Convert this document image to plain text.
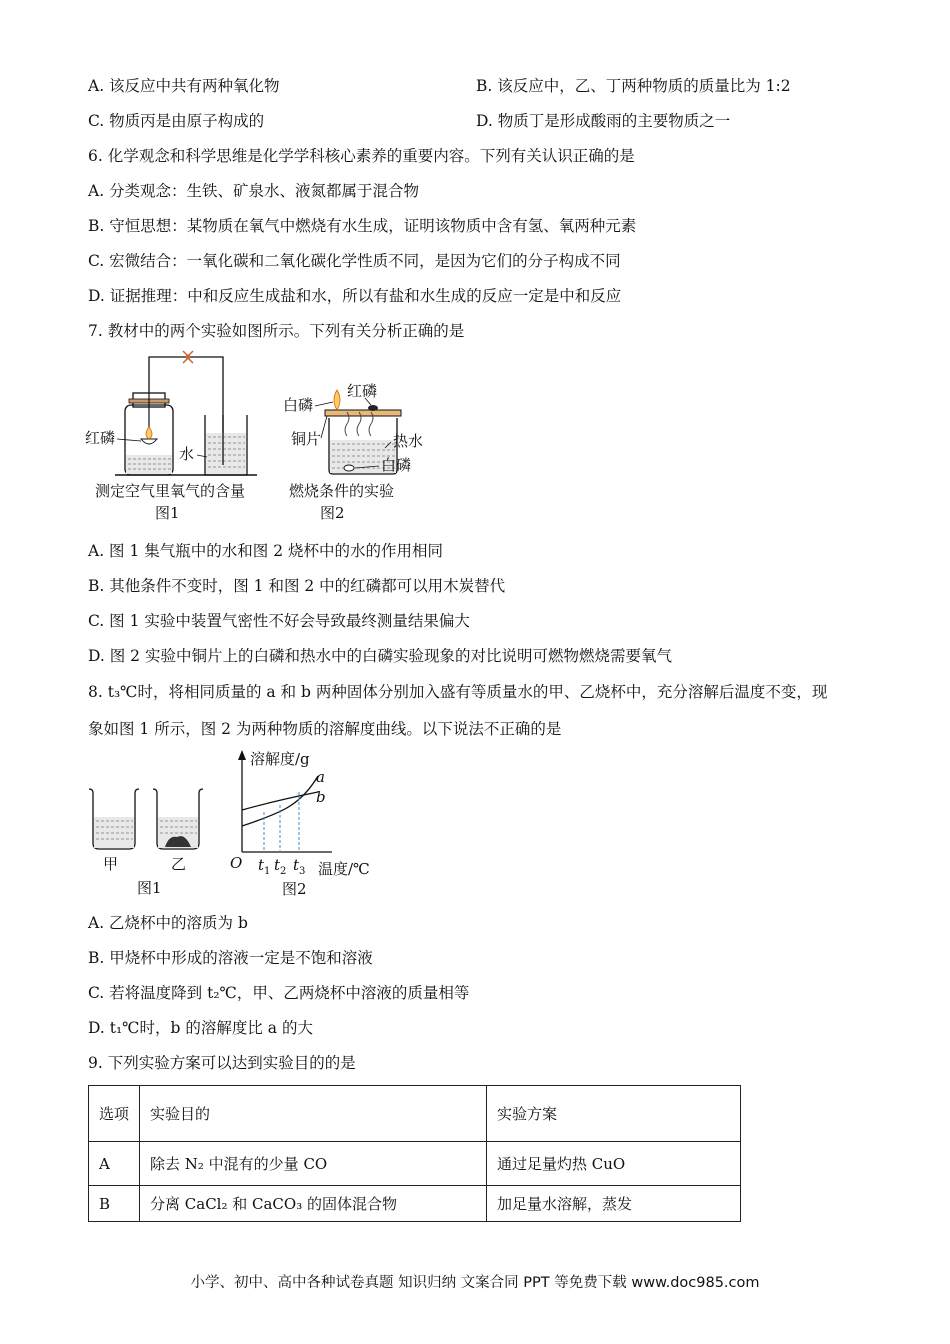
A. 该反应中共有两种氧化物	B. 该反应中，乙、丁两种物质的质量比为 1:2
C. 物质丙是由原子构成的	D. 物质丁是形成酸雨的主要物质之一
6. 化学观念和科学思维是化学学科核心素养的重要内容。下列有关认识正确的是
A. 分类观念：生铁、矿泉水、液氮都属于混合物
B. 守恒思想：某物质在氧气中燃烧有水生成，证明该物质中含有氢、氧两种元素
C. 宏微结合：一氧化碳和二氧化碳化学性质不同，是因为它们的分子构成不同
D. 证据推理：中和反应生成盐和水，所以有盐和水生成的反应一定是中和反应
7. 教材中的两个实验如图所示。下列有关分析正确的是
红磷
水
测定空气里氧气的含量
图1
红磷
白磷
铜片	热水
白磷
燃烧条件的实验
图2
A. 图 1 集气瓶中的水和图 2 烧杯中的水的作用相同
B. 其他条件不变时，图 1 和图 2 中的红磷都可以用木炭替代
C. 图 1 实验中装置气密性不好会导致最终测量结果偏大
D. 图 2 实验中铜片上的白磷和热水中的白磷实验现象的对比说明可燃物燃烧需要氧气
8. t₃℃时，将相同质量的 a 和 b 两种固体分别加入盛有等质量水的甲、乙烧杯中，充分溶解后温度不变，现
象如图 1 所示，图 2 为两种物质的溶解度曲线。以下说法不正确的是
甲	乙
图1
溶解度/g
a
b
O t 1 t 2 t 3 温度/℃
图2
A. 乙烧杯中的溶质为 b
B. 甲烧杯中形成的溶液一定是不饱和溶液
C. 若将温度降到 t₂℃，甲、乙两烧杯中溶液的质量相等
D. t₁℃时，b 的溶解度比 a 的大
9. 下列实验方案可以达到实验目的的是
选项	实验目的	实验方案
A	除去 N₂ 中混有的少量 CO	通过足量灼热 CuO
B	分离 CaCl₂ 和 CaCO₃ 的固体混合物	加足量水溶解，蒸发
小学、初中、高中各种试卷真题 知识归纳 文案合同 PPT 等免费下载 www.doc985.com
